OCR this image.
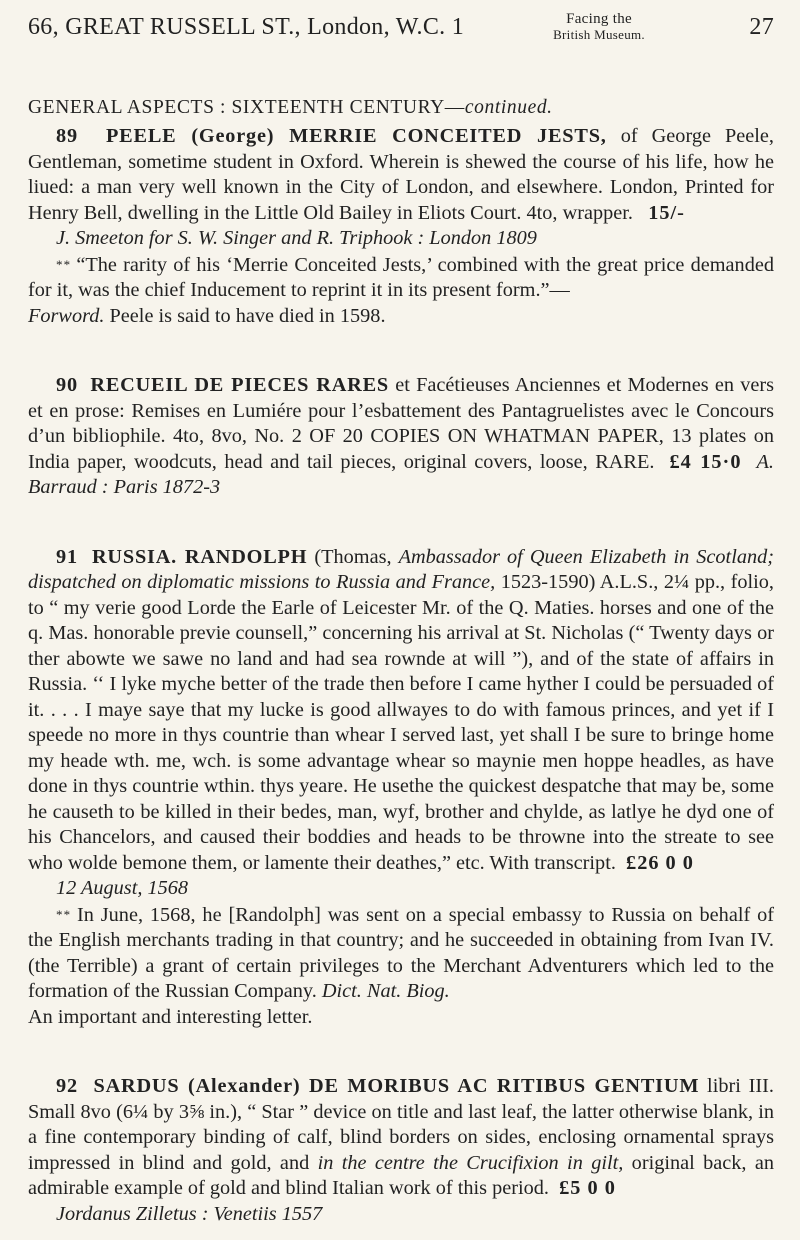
66, GREAT RUSSELL ST., London, W.C. 1	Facing the
British Museum.	27
GENERAL ASPECTS : SIXTEENTH CENTURY—continued.

89 PEELE (George) MERRIE CONCEITED JESTS, of George Peele, Gentleman, sometime student in Oxford. Wherein is shewed the course of his life, how he liued: a man very well known in the City of London, and elsewhere. London, Printed for Henry Bell, dwelling in the Little Old Bailey in Eliots Court. 4to, wrapper. 15/-
J. Smeeton for S. W. Singer and R. Triphook : London 1809

* * “The rarity of his ‘Merrie Conceited Jests,’ combined with the great price demanded for it, was the chief Inducement to reprint it in its present form.”—
Forword. Peele is said to have died in 1598.

90 RECUEIL DE PIECES RARES et Facétieuses Anciennes et Modernes en vers et en prose: Remises en Lumiére pour l’esbattement des Pantagruelistes avec le Concours d’un bibliophile. 4to, 8vo, No. 2 OF 20 COPIES ON WHATMAN PAPER, 13 plates on India paper, woodcuts, head and tail pieces, original covers, loose, RARE. £4 15·0 A. Barraud : Paris 1872-3

91 RUSSIA. RANDOLPH (Thomas, Ambassador of Queen Elizabeth in Scotland; dispatched on diplomatic missions to Russia and France, 1523-1590) A.L.S., 2¼ pp., folio, to “ my verie good Lorde the Earle of Leicester Mr. of the Q. Maties. horses and one of the q. Mas. honorable previe counsell,” concerning his arrival at St. Nicholas (“ Twenty days or ther abowte we sawe no land and had sea rownde at will ”), and of the state of affairs in Russia. ‘‘ I lyke myche better of the trade then before I came hyther I could be persuaded of it. . . . I maye saye that my lucke is good allwayes to do with famous princes, and yet if I speede no more in thys countrie than whear I served last, yet shall I be sure to bringe home my heade wth. me, wch. is some advantage whear so maynie men hoppe headles, as have done in thys countrie wthin. thys yeare. He usethe the quickest despatche that may be, some he causeth to be killed in their bedes, man, wyf, brother and chylde, as latlye he dyd one of his Chancelors, and caused their boddies and heads to be throwne into the streate to see who wolde bemone them, or lamente their deathes,” etc. With transcript. £26 0 0
12 August, 1568

* * In June, 1568, he [Randolph] was sent on a special embassy to Russia on behalf of the English merchants trading in that country; and he succeeded in obtaining from Ivan IV. (the Terrible) a grant of certain privileges to the Merchant Adventurers which led to the formation of the Russian Company. Dict. Nat. Biog.
An important and interesting letter.

92 SARDUS (Alexander) DE MORIBUS AC RITIBUS GENTIUM libri III. Small 8vo (6¼ by 3⅝ in.), “ Star ” device on title and last leaf, the latter otherwise blank, in a fine contemporary binding of calf, blind borders on sides, enclosing ornamental sprays impressed in blind and gold, and in the centre the Crucifixion in gilt, original back, an admirable example of gold and blind Italian work of this period. £5 0 0
Jordanus Zilletus : Venetiis 1557
